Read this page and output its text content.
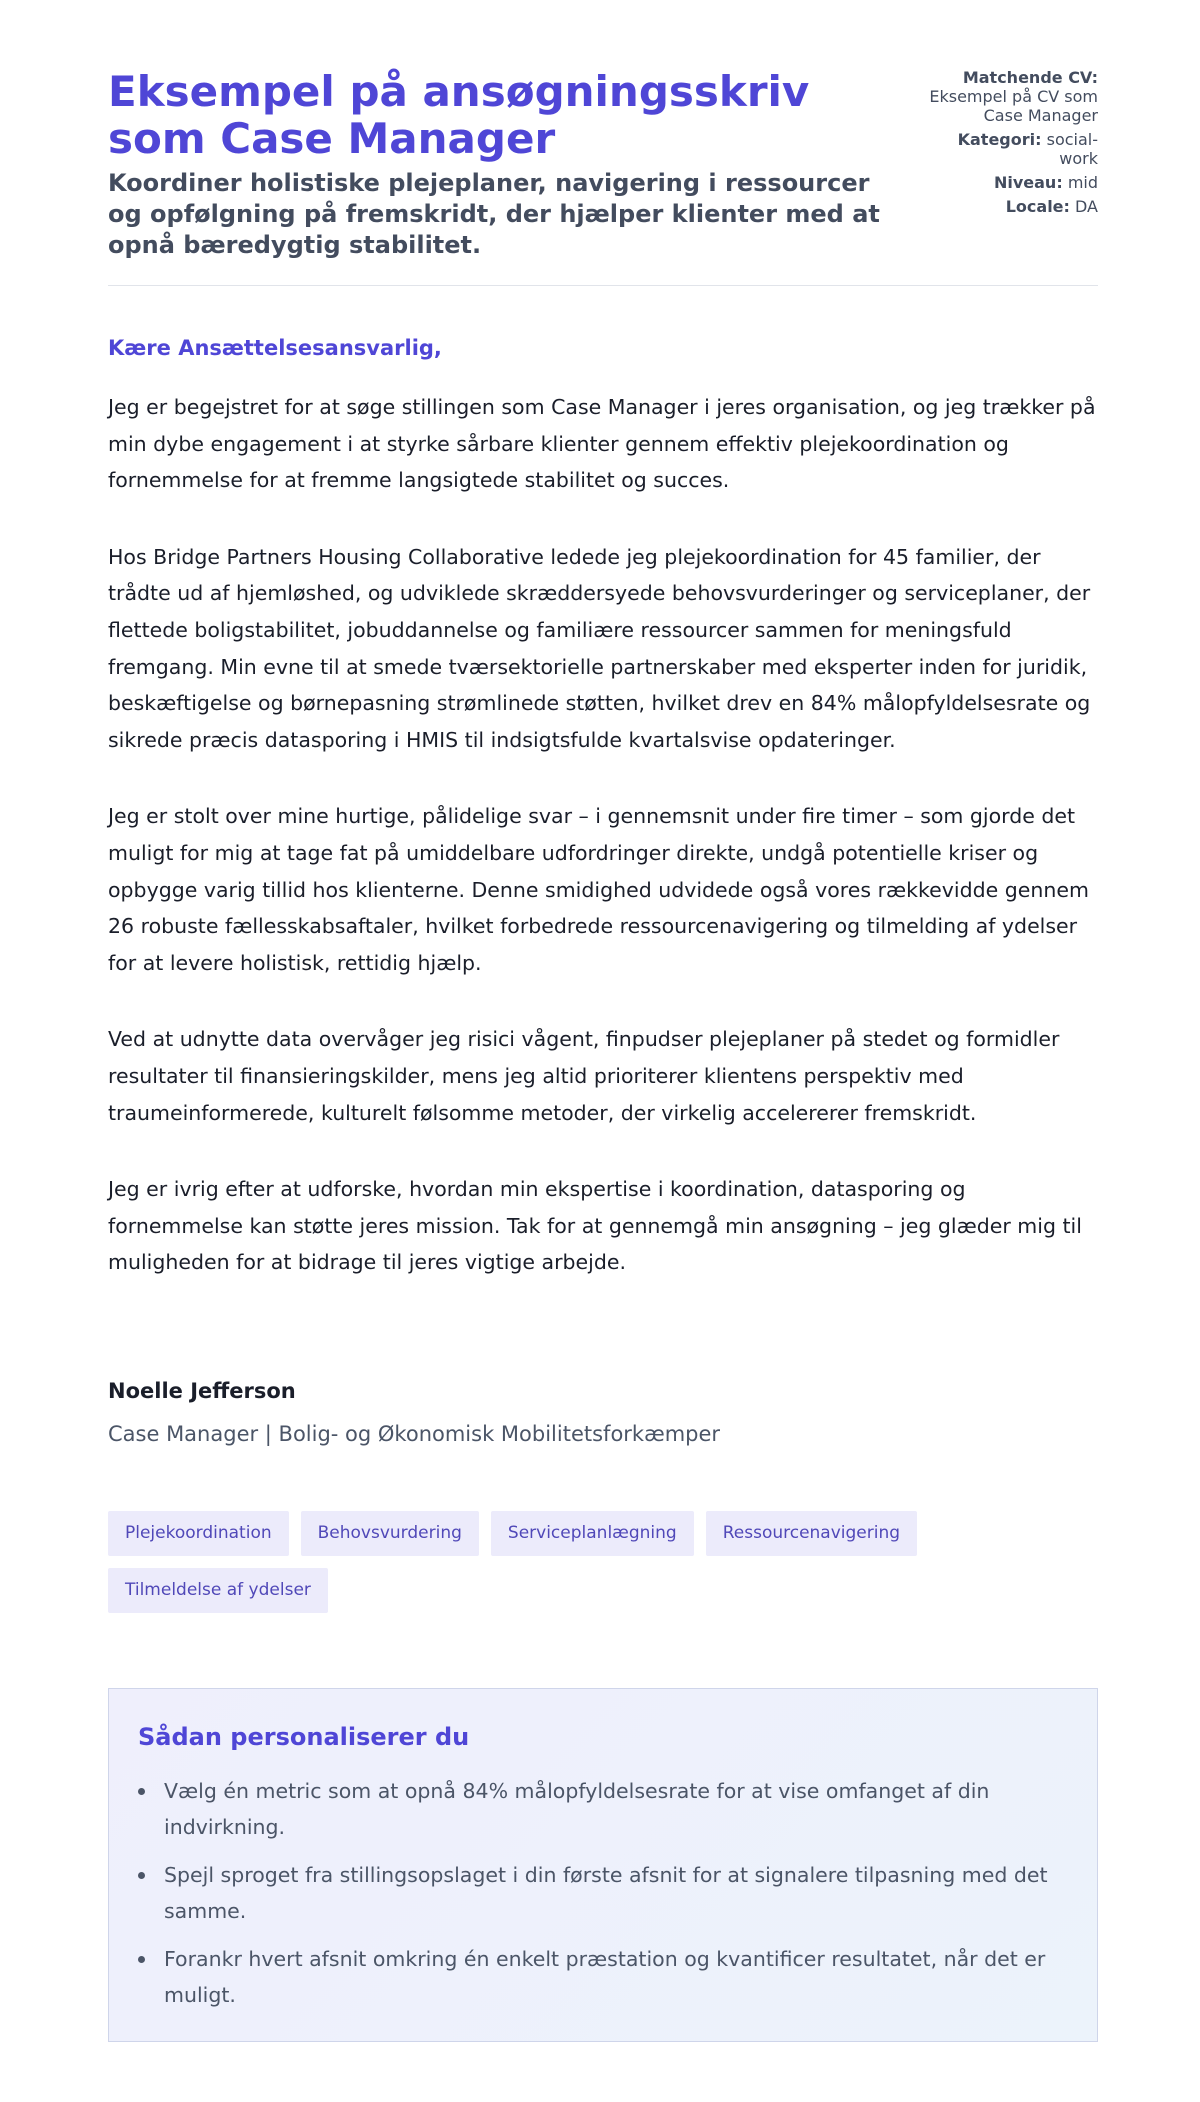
Eksempel på ansøgningsskriv som Case Manager
Koordiner holistiske plejeplaner, navigering i ressourcer og opfølgning på fremskridt, der hjælper klienter med at opnå bæredygtig stabilitet.
Matchende CV: Eksempel på CV som Case Manager
Kategori: social-work
Niveau: mid
Locale: DA

Kære Ansættelsesansvarlig,

Jeg er begejstret for at søge stillingen som Case Manager i jeres organisation, og jeg trækker på min dybe engagement i at styrke sårbare klienter gennem effektiv plejekoordination og fornemmelse for at fremme langsigtede stabilitet og succes.

Hos Bridge Partners Housing Collaborative ledede jeg plejekoordination for 45 familier, der trådte ud af hjemløshed, og udviklede skræddersyede behovsvurderinger og serviceplaner, der flettede boligstabilitet, jobuddannelse og familiære ressourcer sammen for meningsfuld fremgang. Min evne til at smede tværsektorielle partnerskaber med eksperter inden for juridik, beskæftigelse og børnepasning strømlinede støtten, hvilket drev en 84% målopfyldelsesrate og sikrede præcis datasporing i HMIS til indsigtsfulde kvartalsvise opdateringer.

Jeg er stolt over mine hurtige, pålidelige svar – i gennemsnit under fire timer – som gjorde det muligt for mig at tage fat på umiddelbare udfordringer direkte, undgå potentielle kriser og opbygge varig tillid hos klienterne. Denne smidighed udvidede også vores rækkevidde gennem 26 robuste fællesskabsaftaler, hvilket forbedrede ressourcenavigering og tilmelding af ydelser for at levere holistisk, rettidig hjælp.

Ved at udnytte data overvåger jeg risici vågent, finpudser plejeplaner på stedet og formidler resultater til finansieringskilder, mens jeg altid prioriterer klientens perspektiv med traumeinformerede, kulturelt følsomme metoder, der virkelig accelererer fremskridt.

Jeg er ivrig efter at udforske, hvordan min ekspertise i koordination, datasporing og fornemmelse kan støtte jeres mission. Tak for at gennemgå min ansøgning – jeg glæder mig til muligheden for at bidrage til jeres vigtige arbejde.

Noelle Jefferson

Case Manager | Bolig- og Økonomisk Mobilitetsforkæmper

Plejekoordination	Behovsvurdering	Serviceplanlægning	Ressourcenavigering
Tilmeldelse af ydelser
Sådan personaliserer du
Vælg én metric som at opnå 84% målopfyldelsesrate for at vise omfanget af din indvirkning.
Spejl sproget fra stillingsopslaget i din første afsnit for at signalere tilpasning med det samme.
Forankr hvert afsnit omkring én enkelt præstation og kvantificer resultatet, når det er muligt.
